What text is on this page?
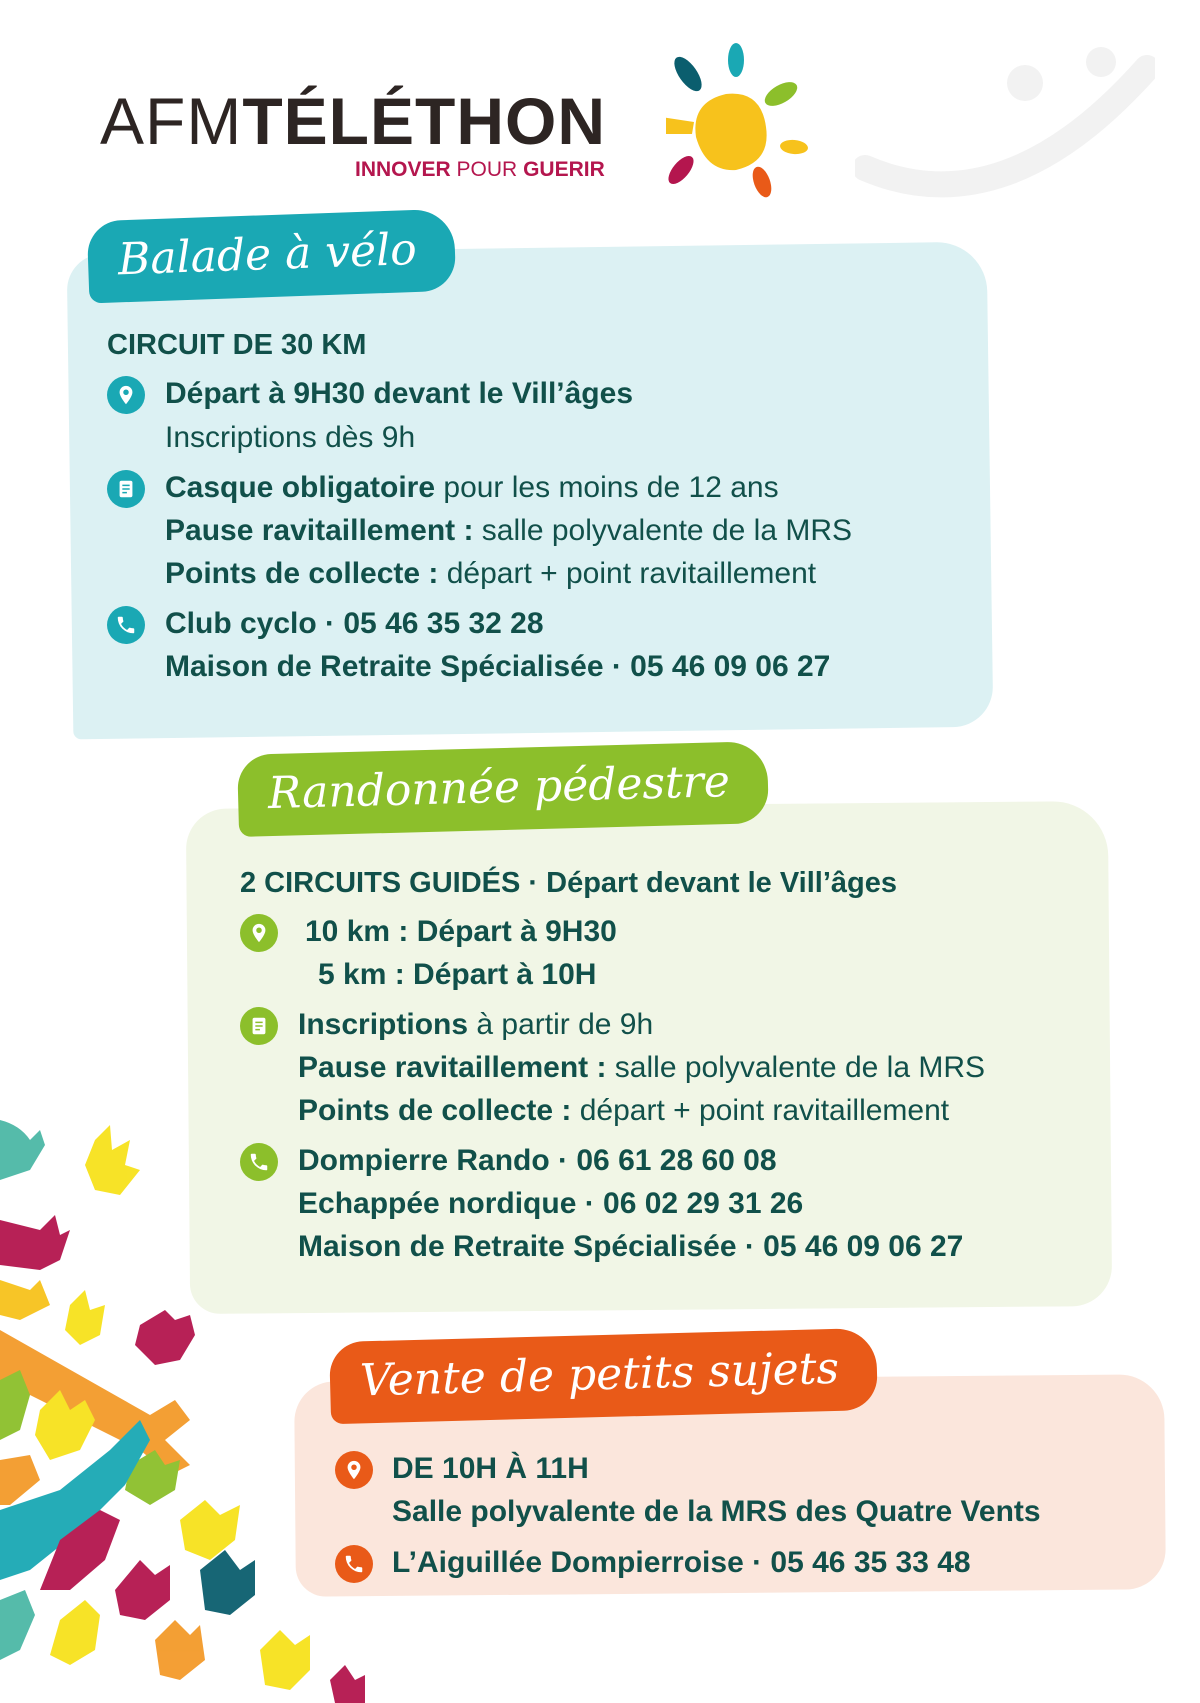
AFMTÉLÉTHON
INNOVER POUR GUERIR
Balade à vélo
CIRCUIT DE 30 KM
Départ à 9H30 devant le Vill’âges
Inscriptions dès 9h
Casque obligatoire pour les moins de 12 ans
Pause ravitaillement : salle polyvalente de la MRS
Points de collecte : départ + point ravitaillement
Club cyclo · 05 46 35 32 28
Maison de Retraite Spécialisée · 05 46 09 06 27
Randonnée pédestre
2 CIRCUITS GUIDÉS · Départ devant le Vill’âges
10 km : Départ à 9H30
5 km : Départ à 10H
Inscriptions à partir de 9h
Pause ravitaillement : salle polyvalente de la MRS
Points de collecte : départ + point ravitaillement
Dompierre Rando · 06 61 28 60 08
Echappée nordique · 06 02 29 31 26
Maison de Retraite Spécialisée · 05 46 09 06 27
Vente de petits sujets
DE 10H À 11H
Salle polyvalente de la MRS des Quatre Vents
L’Aiguillée Dompierroise · 05 46 35 33 48
